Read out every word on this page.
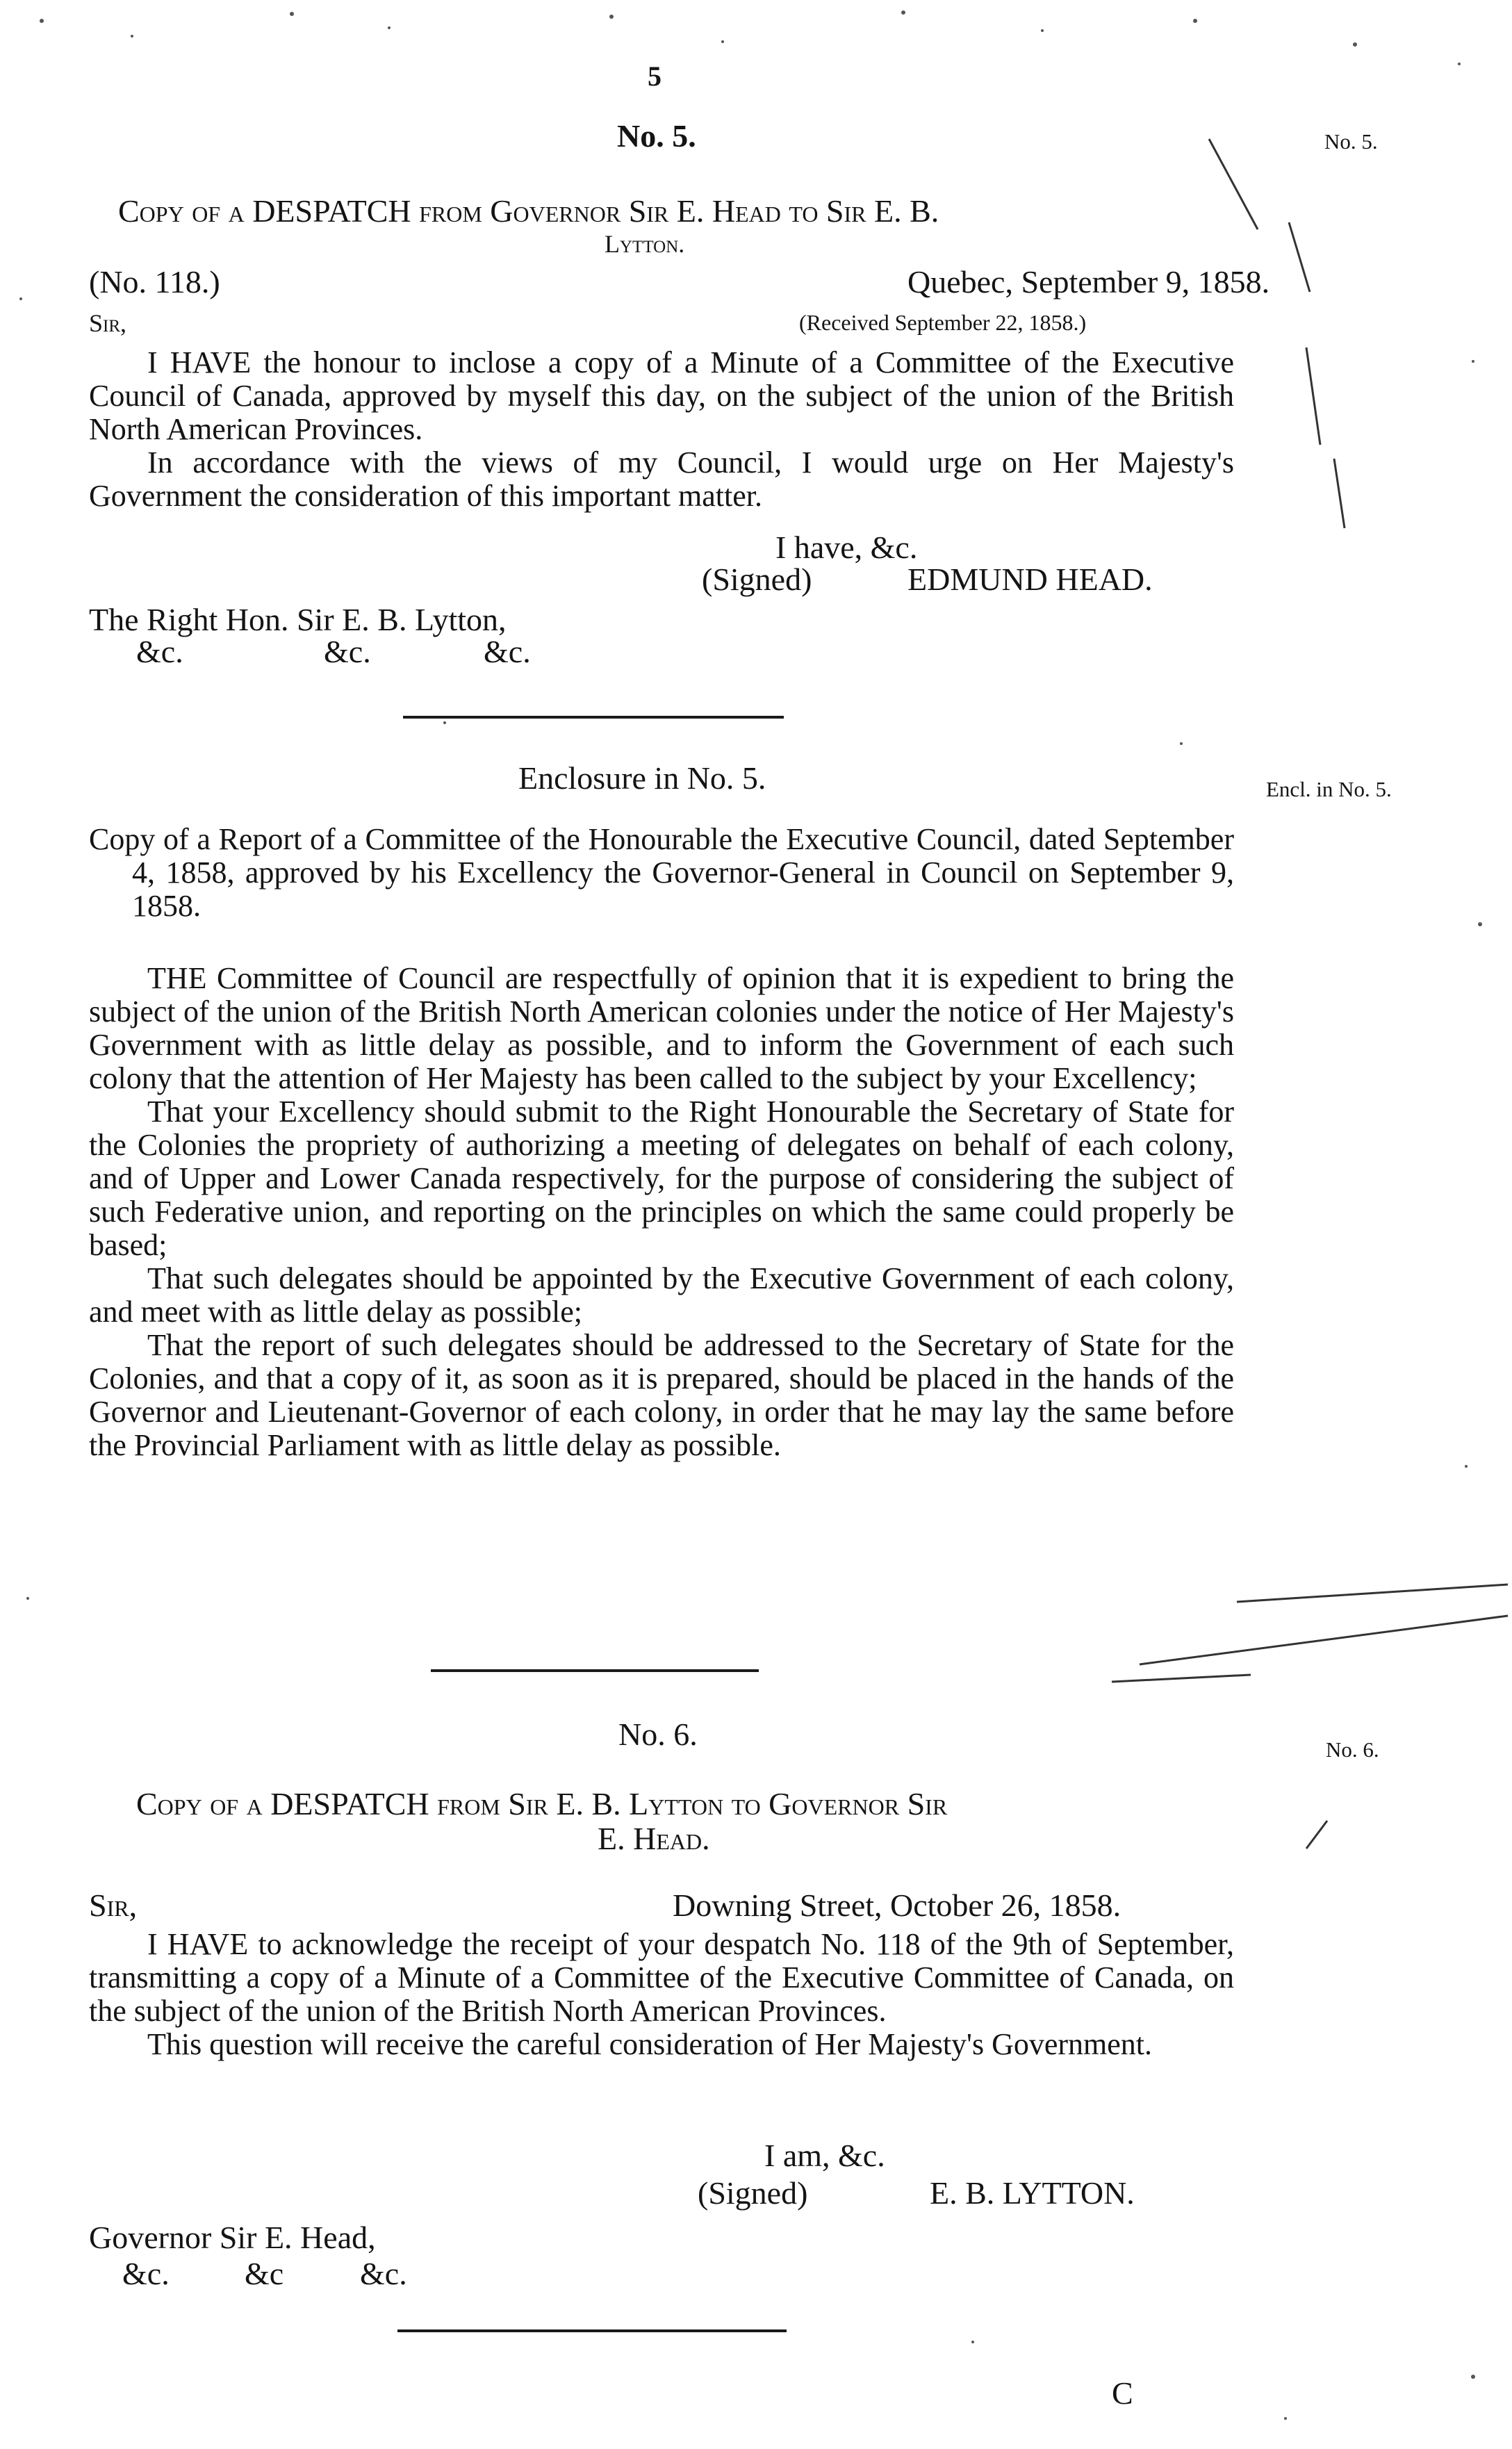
5
No. 5.	No. 5.
Copy of a DESPATCH from Governor Sir E. Head to Sir E. B.
Lytton.
(No. 118.)	Quebec, September 9, 1858.
Sir,	(Received September 22, 1858.)

I HAVE the honour to inclose a copy of a Minute of a Committee of the Executive Council of Canada, approved by myself this day, on the subject of the union of the British North American Provinces.

In accordance with the views of my Council, I would urge on Her Majesty's Government the consideration of this important matter.

I have, &c.
(Signed)	EDMUND HEAD.
The Right Hon. Sir E. B. Lytton,
&c.	&c.	&c.
Enclosure in No. 5.	Encl. in No. 5.

Copy of a Report of a Committee of the Honourable the Executive Council, dated September 4, 1858, approved by his Excellency the Governor-General in Council on September 9, 1858.

THE Committee of Council are respectfully of opinion that it is expedient to bring the subject of the union of the British North American colonies under the notice of Her Majesty's Government with as little delay as possible, and to inform the Government of each such colony that the attention of Her Majesty has been called to the subject by your Excellency;

That your Excellency should submit to the Right Honourable the Secretary of State for the Colonies the propriety of authorizing a meeting of delegates on behalf of each colony, and of Upper and Lower Canada respectively, for the purpose of considering the subject of such Federative union, and reporting on the principles on which the same could properly be based;

That such delegates should be appointed by the Executive Government of each colony, and meet with as little delay as possible;

That the report of such delegates should be addressed to the Secretary of State for the Colonies, and that a copy of it, as soon as it is prepared, should be placed in the hands of the Governor and Lieutenant-Governor of each colony, in order that he may lay the same before the Provincial Parliament with as little delay as possible.

No. 6.	No. 6.
Copy of a DESPATCH from Sir E. B. Lytton to Governor Sir
E. Head.
Sir,	Downing Street, October 26, 1858.

I HAVE to acknowledge the receipt of your despatch No. 118 of the 9th of September, transmitting a copy of a Minute of a Committee of the Executive Committee of Canada, on the subject of the union of the British North American Provinces.

This question will receive the careful consideration of Her Majesty's Government.

I am, &c.
(Signed)	E. B. LYTTON.
Governor Sir E. Head,
&c. &c &c.
C
